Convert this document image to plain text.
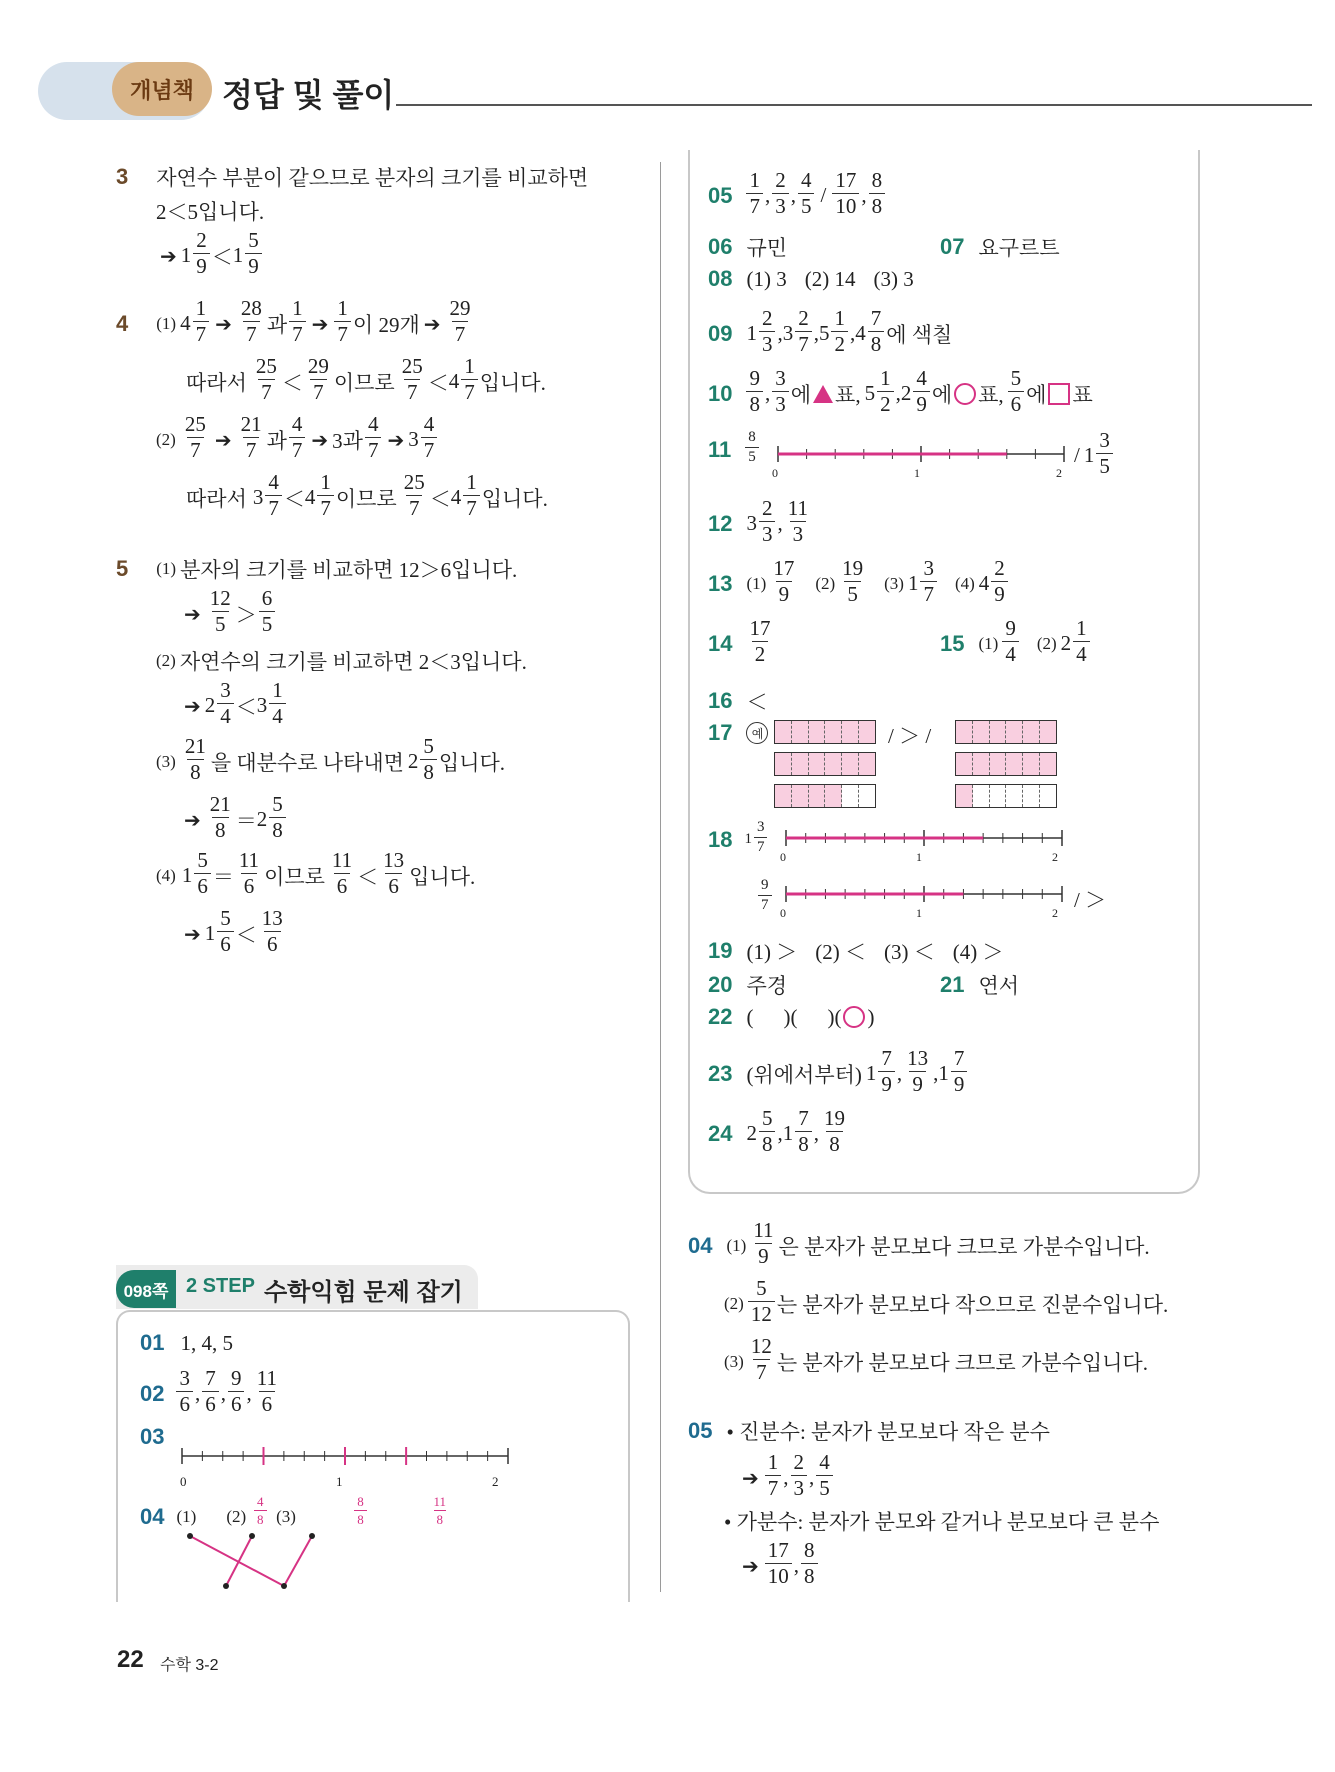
개념책 정답 및 풀이
3 자연수 부분이 같으므로 분자의 크기를 비교하면
2＜5입니다.
➔ 1
2
9 ＜ 1
5
9
4 (1) 4
1
7 ➔
28
7 과
1
7 ➔
1
7 이 29개 ➔
29
7
따라서
25
7 ＜
29
7 이므로
25
7 ＜ 4
1
7 입니다.
(2)
25
7 ➔
21
7 과
4
7 ➔ 3과
4
7 ➔ 3
4
7
따라서 3
4
7 ＜ 4
1
7 이므로
25
7 ＜ 4
1
7 입니다.
5 (1) 분자의 크기를 비교하면 12＞6입니다.
➔
12
5 ＞
6
5
(2) 자연수의 크기를 비교하면 2＜3입니다.
➔ 2
3
4 ＜ 3
1
4
(3)
21
8 을 대분수로 나타내면 2
5
8 입니다.
➔
21
8 ＝ 2
5
8
(4) 1
5
6 ＝
11
6 이므로
11
6 ＜
13
6 입니다.
➔ 1
5
6 ＜
13
6
098쪽 2 STEP 수학익힘 문제 잡기
01 1, 4, 5
02
3
6 ,
7
6 ,
9
6 ,
11
6
03

0	1	2
$\frac{4}{8}$
	$\frac{8}{8}$
	$\frac{11}{8}$
04 (1) (2) (3)
22 수학 3-2
05
1
7 ,
2
3 ,
4
5 /
17
10 ,
8
8
06 규민	07 요구르트
08 (1) 3 (2) 14 (3) 3
09 1
2
3 , 3
2
7 , 5
1
2 , 4
7
8 에 색칠
10
9
8 ,
3
3 에 표, 5
1
2 , 2
4
9 에 표,
5
6 에 표
11 8
5
0	1	2
/ 1
3
5
12 3
2
3 ,
11
3
13 (1)
17
9 (2)
19
5 (3) 1
3
7 (4) 4
2
9
14
17
2	15 (1)
9
4 (2) 2
1
4
16 ＜
17	예	/ ＞ /
18 1
3
7
0	1	2
9
7 0	1	2
/ ＞
19 (1) ＞ (2) ＜ (3) ＜ (4) ＞
20 주경	21 연서
22 ( )( )( )
23 (위에서부터) 1
7
9 ,
13
9 , 1
7
9
24 2
5
8 , 1
7
8 ,
19
8
04 (1)
11
9 은 분자가 분모보다 크므로 가분수입니다.
(2)
5
12 는 분자가 분모보다 작으므로 진분수입니다.
(3)
12
7 는 분자가 분모보다 크므로 가분수입니다.
05 • 진분수: 분자가 분모보다 작은 분수
➔
1
7 ,
2
3 ,
4
5
• 가분수: 분자가 분모와 같거나 분모보다 큰 분수
➔
17
10 ,
8
8
